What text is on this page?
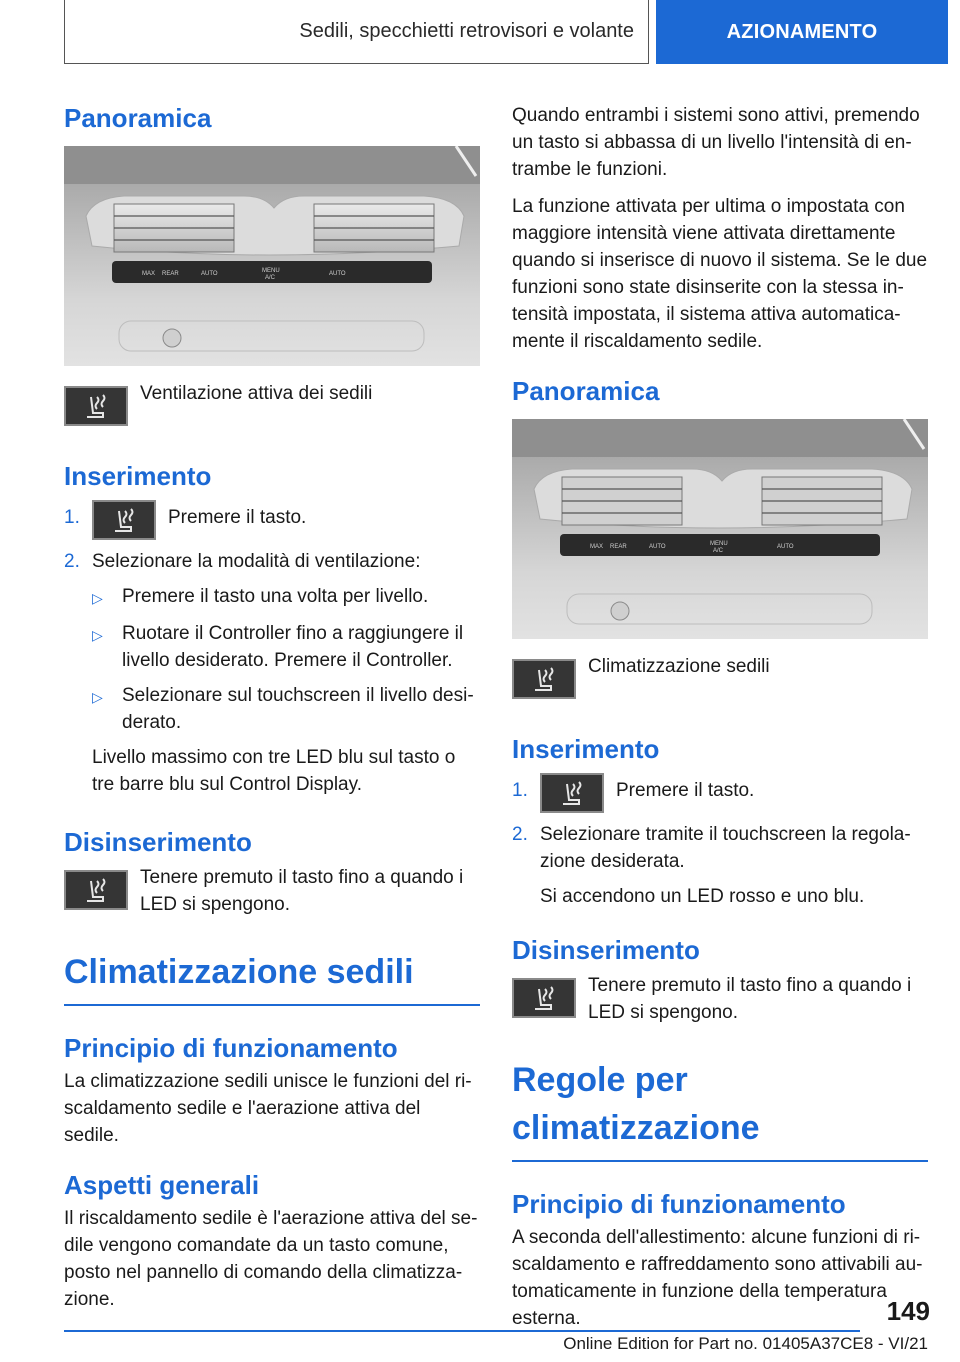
Sedili, specchietti retrovisori e volante	AZIONAMENTO
Panoramica
MAX REAR	AUTO	MENU
A/C
AUTO
Ventilazione attiva dei sedili
Inserimento
1.	Premere il tasto.
2. Selezionare la modalità di ventilazione:
▷	Premere il tasto una volta per livello.
▷	Ruotare il Controller fino a raggiungere il livello desiderato. Premere il Controller.
▷	Selezionare sul touchscreen il livello desi- derato.

Livello massimo con tre LED blu sul tasto o tre barre blu sul Control Display.

Disinserimento
Tenere premuto il tasto fino a quando i LED si spengono.
Climatizzazione sedili
Principio di funzionamento

La climatizzazione sedili unisce le funzioni del ri- scaldamento sedile e l'aerazione attiva del sedile.

Aspetti generali

Il riscaldamento sedile è l'aerazione attiva del se- dile vengono comandate da un tasto comune, posto nel pannello di comando della climatizza- zione.

Quando entrambi i sistemi sono attivi, premendo un tasto si abbassa di un livello l'intensità di en- trambe le funzioni.

La funzione attivata per ultima o impostata con maggiore intensità viene attivata direttamente quando si inserisce di nuovo il sistema. Se le due funzioni sono state disinserite con la stessa in- tensità impostata, il sistema attiva automatica- mente il riscaldamento sedile.

Panoramica
MAX REAR	AUTO	MENU
A/C
AUTO
Climatizzazione sedili
Inserimento
1.	Premere il tasto.
2. Selezionare tramite il touchscreen la regola- zione desiderata.

Si accendono un LED rosso e uno blu.

Disinserimento
Tenere premuto il tasto fino a quando i LED si spengono.
Regole per climatizzazione
Principio di funzionamento

A seconda dell'allestimento: alcune funzioni di ri- scaldamento e raffreddamento sono attivabili au- tomaticamente in funzione della temperatura esterna.	149
Online Edition for Part no. 01405A37CE8 - VI/21
